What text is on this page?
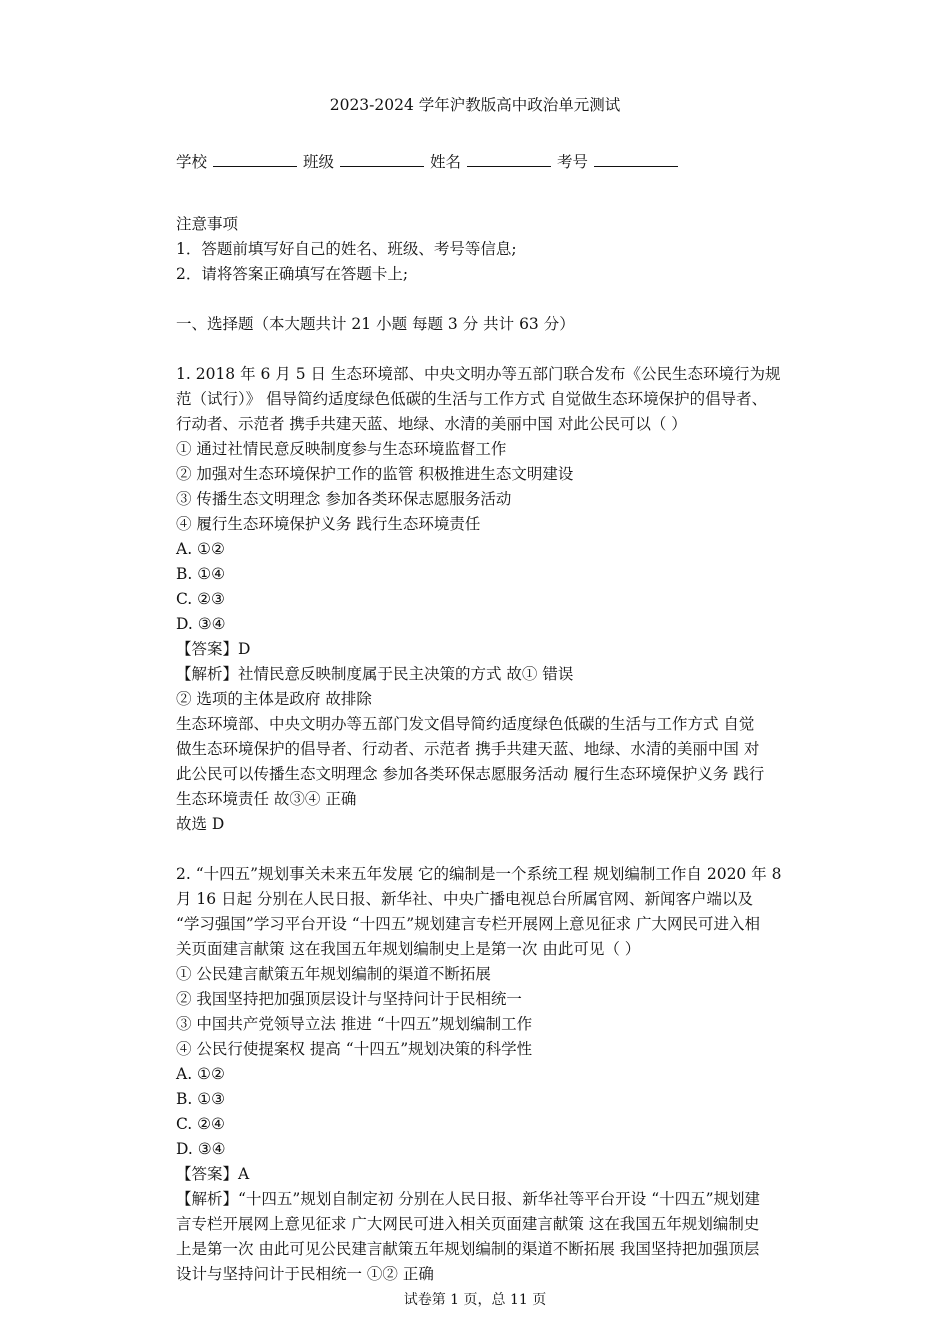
2023-2024 学年沪教版高中政治单元测试
学校	班级	姓名	考号
注意事项
1．答题前填写好自己的姓名、班级、考号等信息;
2．请将答案正确填写在答题卡上;
一、选择题（本大题共计 21 小题 每题 3 分 共计 63 分）
1. 2018 年 6 月 5 日 生态环境部、中央文明办等五部门联合发布《公民生态环境行为规
范（试行）》 倡导简约适度绿色低碳的生活与工作方式 自觉做生态环境保护的倡导者、
行动者、示范者 携手共建天蓝、地绿、水清的美丽中国 对此公民可以（ ）
① 通过社情民意反映制度参与生态环境监督工作
② 加强对生态环境保护工作的监管 积极推进生态文明建设
③ 传播生态文明理念 参加各类环保志愿服务活动
④ 履行生态环境保护义务 践行生态环境责任
A. ①②
B. ①④
C. ②③
D. ③④
【答案】D
【解析】社情民意反映制度属于民主决策的方式 故① 错误
② 选项的主体是政府 故排除
生态环境部、中央文明办等五部门发文倡导简约适度绿色低碳的生活与工作方式 自觉
做生态环境保护的倡导者、行动者、示范者 携手共建天蓝、地绿、水清的美丽中国 对
此公民可以传播生态文明理念 参加各类环保志愿服务活动 履行生态环境保护义务 践行
生态环境责任 故③④ 正确
故选 D
2. “十四五”规划事关未来五年发展 它的编制是一个系统工程 规划编制工作自 2020 年 8
月 16 日起 分别在人民日报、新华社、中央广播电视总台所属官网、新闻客户端以及
“学习强国”学习平台开设 “十四五”规划建言专栏开展网上意见征求 广大网民可进入相
关页面建言献策 这在我国五年规划编制史上是第一次 由此可见（ ）
① 公民建言献策五年规划编制的渠道不断拓展
② 我国坚持把加强顶层设计与坚持问计于民相统一
③ 中国共产党领导立法 推进 “十四五”规划编制工作
④ 公民行使提案权 提高 “十四五”规划决策的科学性
A. ①②
B. ①③
C. ②④
D. ③④
【答案】A
【解析】“十四五”规划自制定初 分别在人民日报、新华社等平台开设 “十四五”规划建
言专栏开展网上意见征求 广大网民可进入相关页面建言献策 这在我国五年规划编制史
上是第一次 由此可见公民建言献策五年规划编制的渠道不断拓展 我国坚持把加强顶层
设计与坚持问计于民相统一 ①② 正确
试卷第 1 页，总 11 页
